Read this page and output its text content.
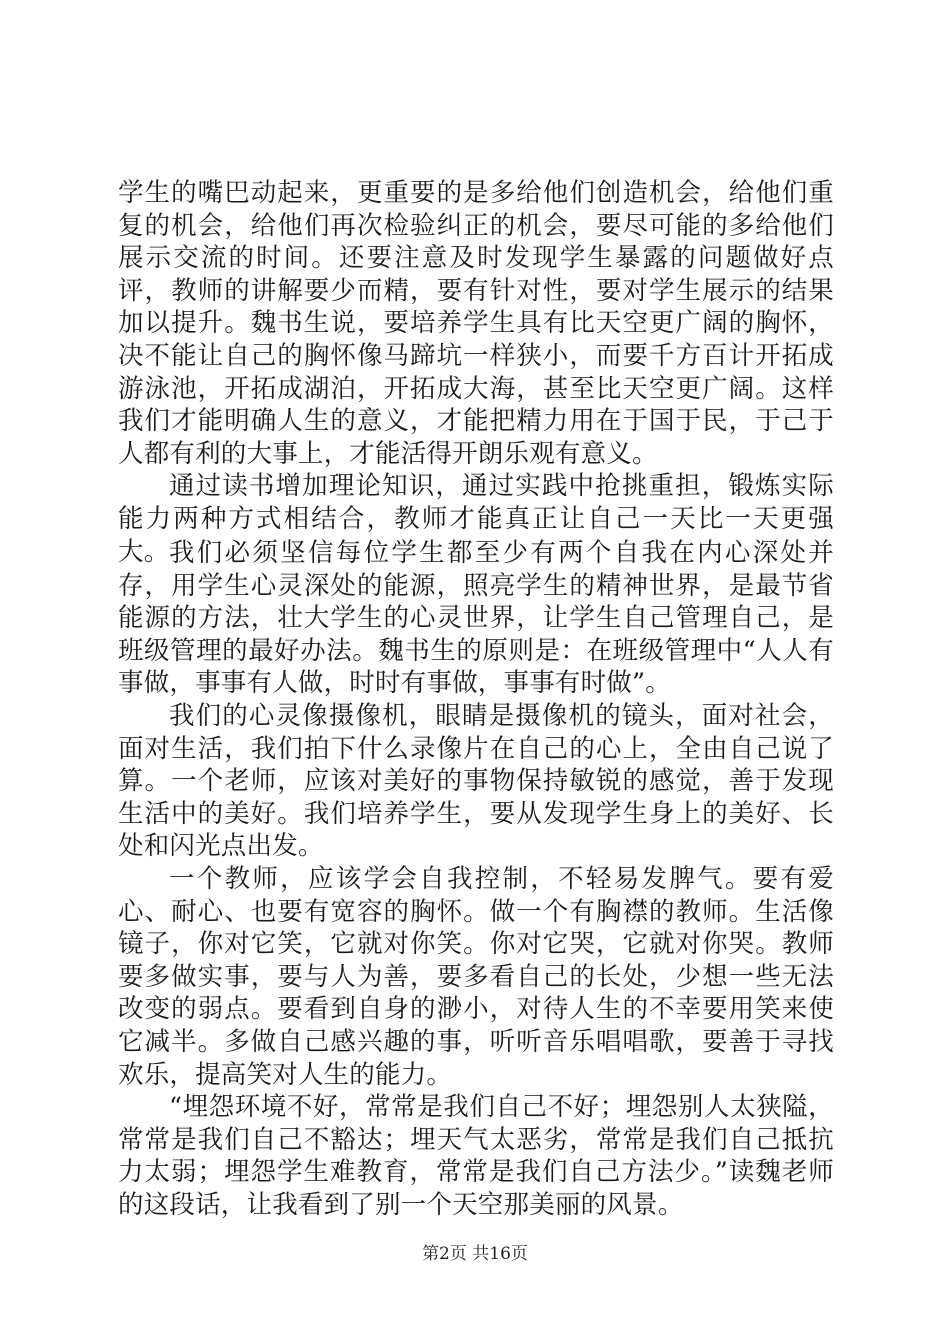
学生的嘴巴动起来，更重要的是多给他们创造机会，给他们重复的机会，给他们再次检验纠正的机会，要尽可能的多给他们展示交流的时间。还要注意及时发现学生暴露的问题做好点评，教师的讲解要少而精，要有针对性，要对学生展示的结果加以提升。魏书生说，要培养学生具有比天空更广阔的胸怀，决不能让自己的胸怀像马蹄坑一样狭小，而要千方百计开拓成游泳池，开拓成湖泊，开拓成大海，甚至比天空更广阔。这样我们才能明确人生的意义，才能把精力用在于国于民，于己于人都有利的大事上，才能活得开朗乐观有意义。

通过读书增加理论知识，通过实践中抢挑重担，锻炼实际能力两种方式相结合，教师才能真正让自己一天比一天更强大。 我们必须坚信每位学生都至少有两个自我在内心深处并存，用学生心灵深处的能源，照亮学生的精神世界，是最节省能源的方法，壮大学生的心灵世界，让学生自己管理自己，是班级管理的最好办法。魏书生的原则是：在班级管理中“人人有事做，事事有人做，时时有事做，事事有时做”。

我们的心灵像摄像机，眼睛是摄像机的镜头，面对社会，面对生活，我们拍下什么录像片在自己的心上，全由自己说了算。一个老师，应该对美好的事物保持敏锐的感觉，善于发现生活中的美好。我们培养学生，要从发现学生身上的美好、长处和闪光点出发。

一个教师，应该学会自我控制，不轻易发脾气。要有爱心、耐心、也要有宽容的胸怀。做一个有胸襟的教师。生活像镜子，你对它笑，它就对你笑。你对它哭，它就对你哭。教师要多做实事，要与人为善，要多看自己的长处，少想一些无法改变的弱点。要看到自身的渺小，对待人生的不幸要用笑来使它减半。多做自己感兴趣的事，听听音乐唱唱歌，要善于寻找欢乐，提高笑对人生的能力。

“埋怨环境不好，常常是我们自己不好；埋怨别人太狭隘，常常是我们自己不豁达；埋天气太恶劣，常常是我们自己抵抗力太弱；埋怨学生难教育，常常是我们自己方法少。”读魏老师的这段话，让我看到了别一个天空那美丽的风景。

第2页 共16页
